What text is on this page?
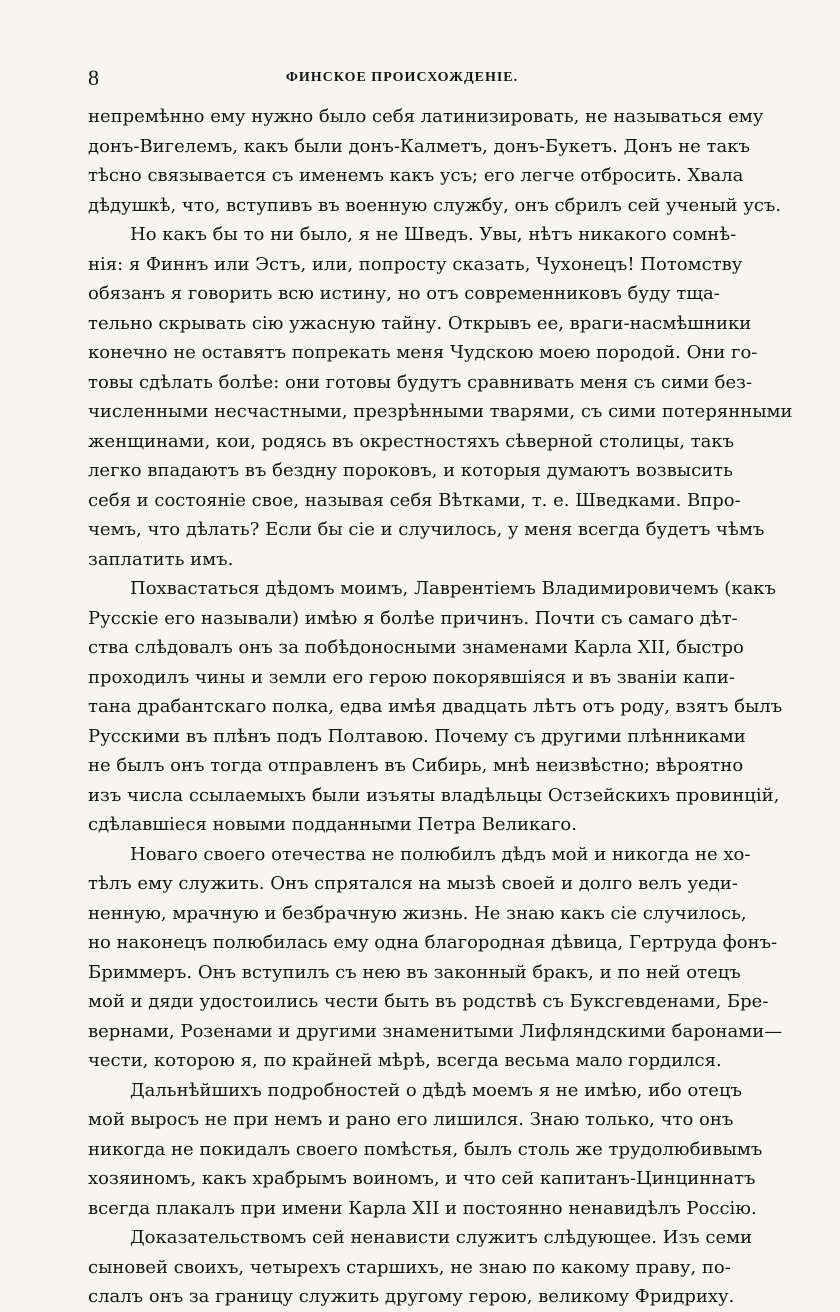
8	ФИНСКОЕ ПРОИСХОЖДЕНІЕ.
непремѣнно ему нужно было себя латинизировать, не называться ему
донъ-Вигелемъ, какъ были донъ-Калметъ, донъ-Букетъ. Донъ не такъ
тѣсно связывается съ именемъ какъ усъ; его легче отбросить. Хвала
дѣдушкѣ, что, вступивъ въ военную службу, онъ сбрилъ сей ученый усъ.
Но какъ бы то ни было, я не Шведъ. Увы, нѣтъ никакого сомнѣ-
нія: я Финнъ или Эстъ, или, попросту сказать, Чухонецъ! Потомству
обязанъ я говорить всю истину, но отъ современниковъ буду тща-
тельно скрывать сію ужасную тайну. Открывъ ее, враги-насмѣшники
конечно не оставятъ попрекать меня Чудскою моею породой. Они го-
товы сдѣлать болѣе: они готовы будутъ сравнивать меня съ сими без-
численными несчастными, презрѣнными тварями, съ сими потерянными
женщинами, кои, родясь въ окрестностяхъ сѣверной столицы, такъ
легко впадаютъ въ бездну пороковъ, и которыя думаютъ возвысить
себя и состояніе свое, называя себя Вѣтками, т. е. Шведками. Впро-
чемъ, что дѣлать? Если бы сіе и случилось, у меня всегда будетъ чѣмъ
заплатить имъ.
Похвастаться дѣдомъ моимъ, Лаврентіемъ Владимировичемъ (какъ
Русскіе его называли) имѣю я болѣе причинъ. Почти съ самаго дѣт-
ства слѣдовалъ онъ за побѣдоносными знаменами Карла XII, быстро
проходилъ чины и земли его герою покорявшіяся и въ званіи капи-
тана драбантскаго полка, едва имѣя двадцать лѣтъ отъ роду, взятъ былъ
Русскими въ плѣнъ подъ Полтавою. Почему съ другими плѣнниками
не былъ онъ тогда отправленъ въ Сибирь, мнѣ неизвѣстно; вѣроятно
изъ числа ссылаемыхъ были изъяты владѣльцы Остзейскихъ провинцій,
сдѣлавшіеся новыми подданными Петра Великаго.
Новаго своего отечества не полюбилъ дѣдъ мой и никогда не хо-
тѣлъ ему служить. Онъ спрятался на мызѣ своей и долго велъ уеди-
ненную, мрачную и безбрачную жизнь. Не знаю какъ сіе случилось,
но наконецъ полюбилась ему одна благородная дѣвица, Гертруда фонъ-
Бриммеръ. Онъ вступилъ съ нею въ законный бракъ, и по ней отецъ
мой и дяди удостоились чести быть въ родствѣ съ Буксгевденами, Бре-
вернами, Розенами и другими знаменитыми Лифляндскими баронами—
чести, которою я, по крайней мѣрѣ, всегда весьма мало гордился.
Дальнѣйшихъ подробностей о дѣдѣ моемъ я не имѣю, ибо отецъ
мой выросъ не при немъ и рано его лишился. Знаю только, что онъ
никогда не покидалъ своего помѣстья, былъ столь же трудолюбивымъ
хозяиномъ, какъ храбрымъ воиномъ, и что сей капитанъ-Цинциннатъ
всегда плакалъ при имени Карла XII и постоянно ненавидѣлъ Россію.
Доказательствомъ сей ненависти служитъ слѣдующее. Изъ семи
сыновей своихъ, четырехъ старшихъ, не знаю по какому праву, по-
слалъ онъ за границу служить другому герою, великому Фридриху.
